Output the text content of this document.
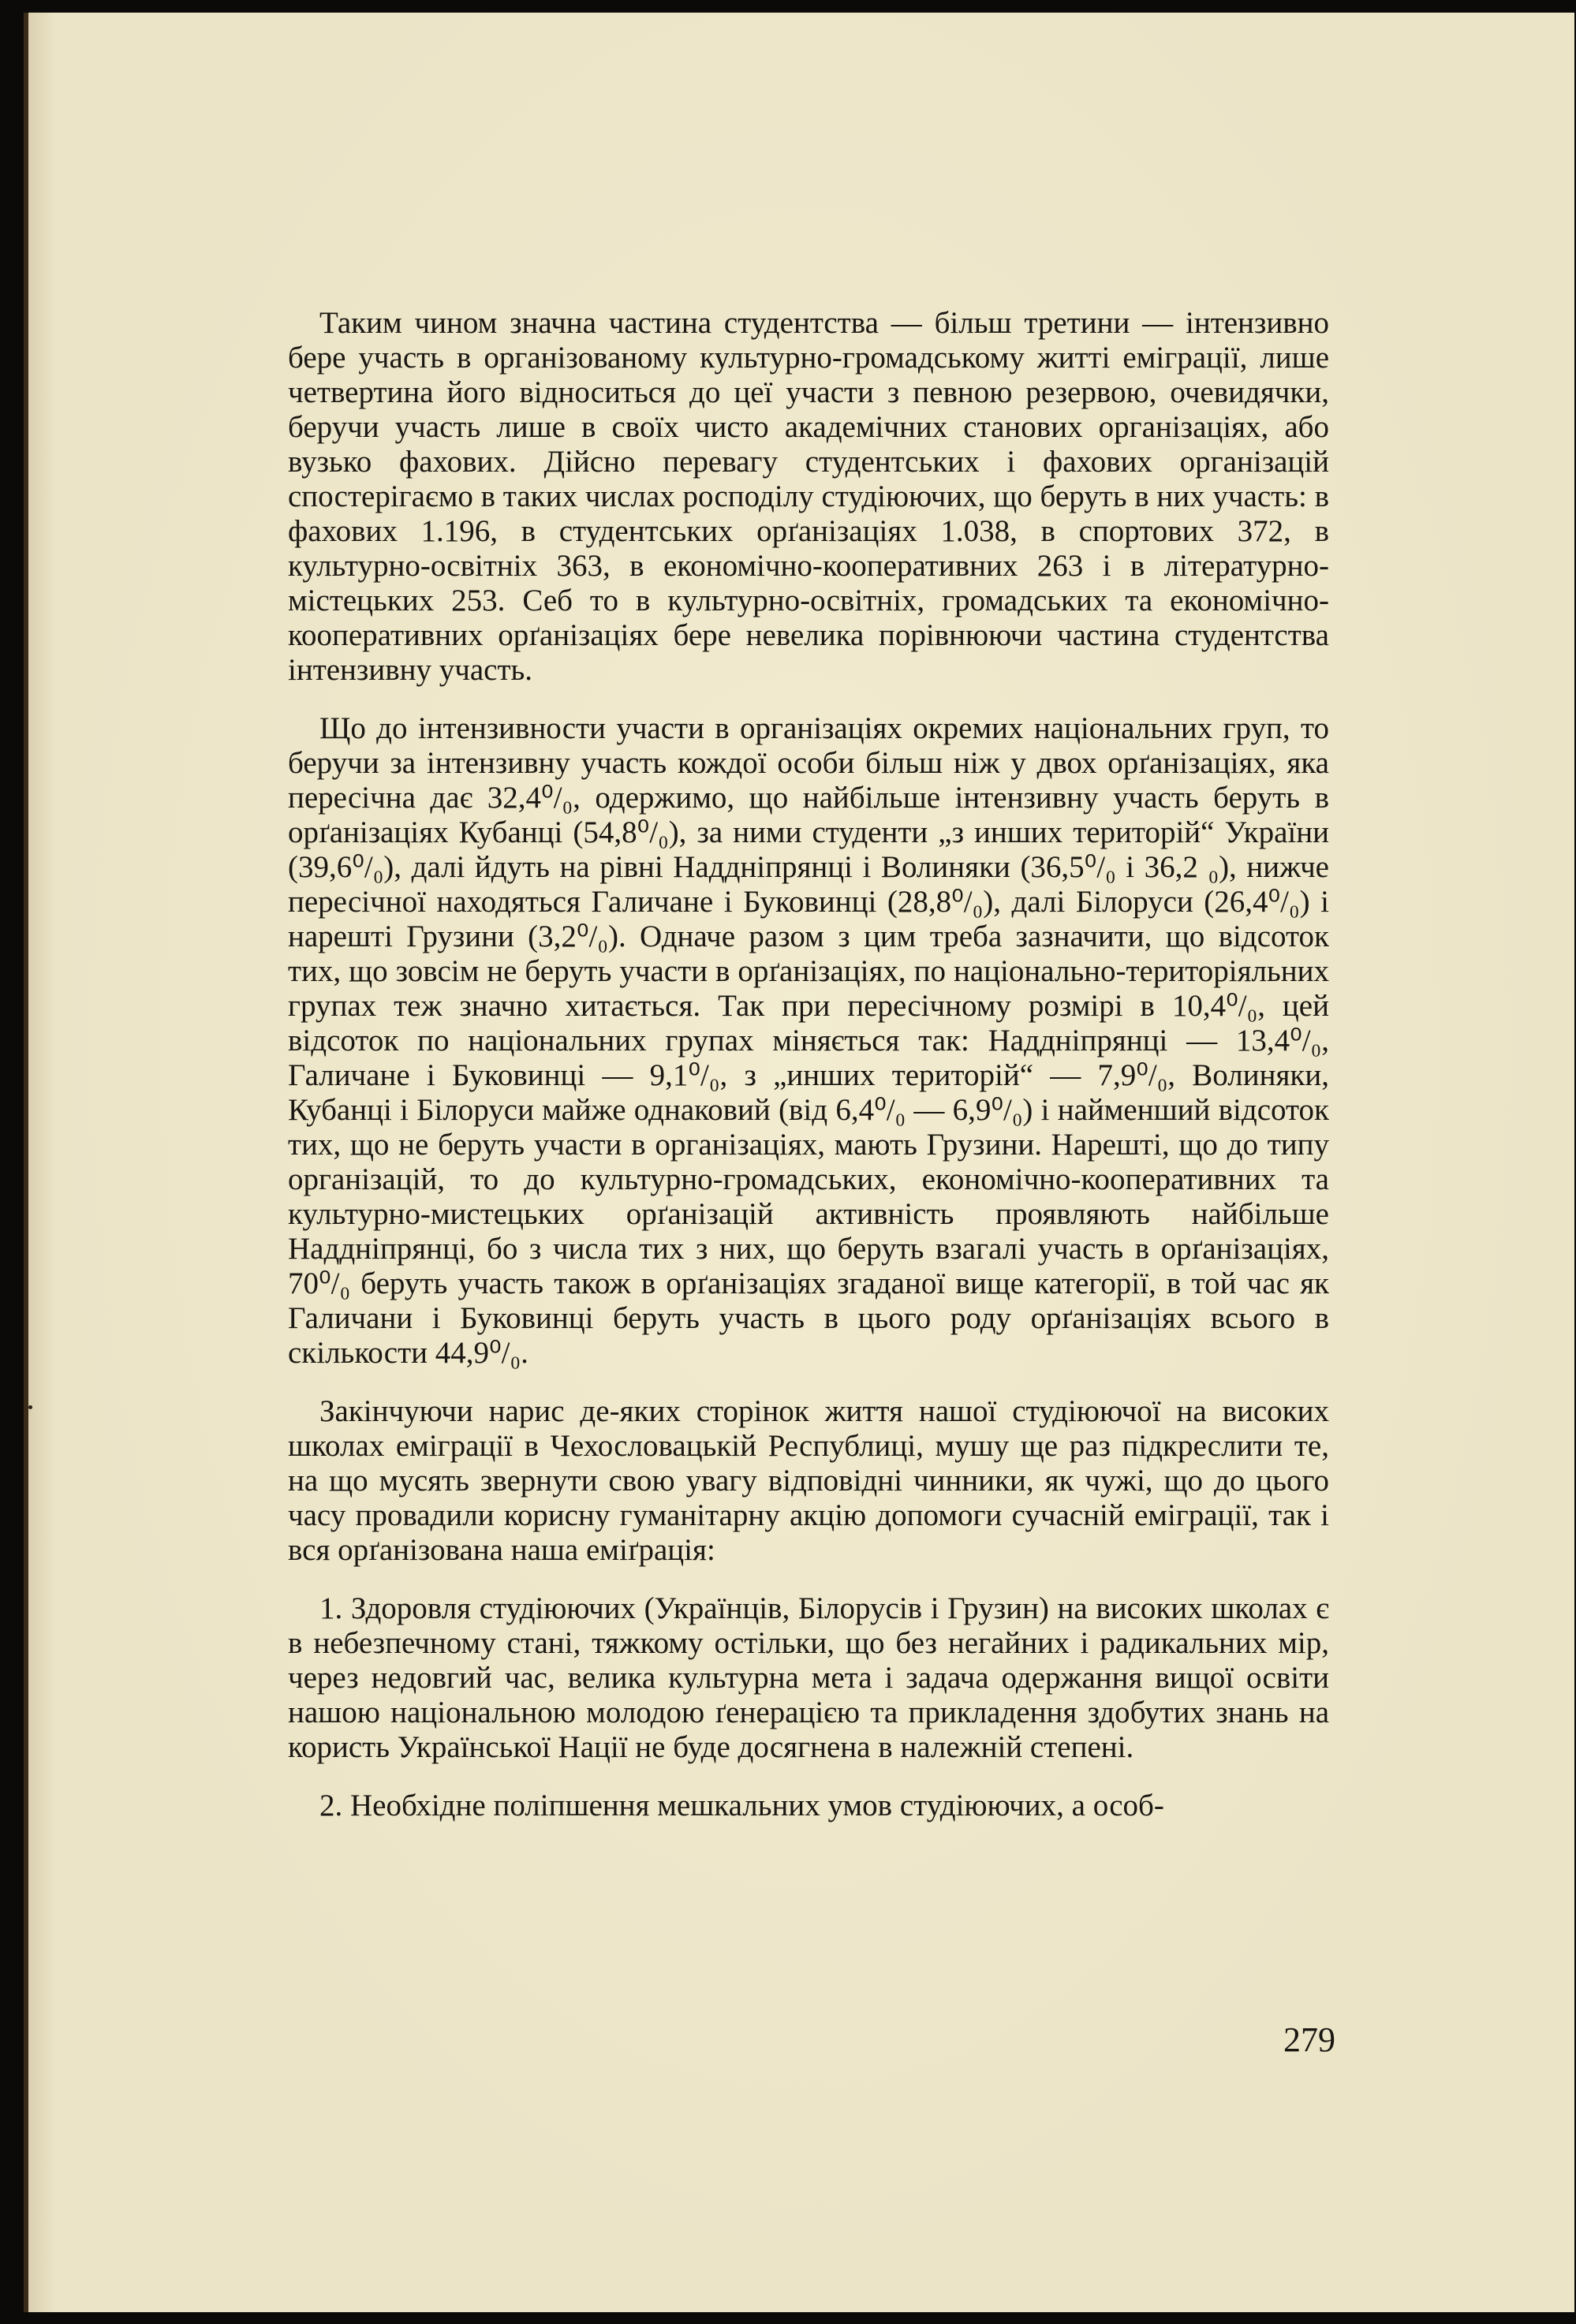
Таким чином значна частина студентства — більш третини — інтензивно бере участь в організованому культурно-громадському житті еміграції, лише четвертина його відноситься до цеї участи з певною резервою, очевидячки, беручи участь лише в своїх чисто академічних станових організаціях, або вузько фахових. Дійсно перевагу студентських і фахових організацій спостерігаємо в таких числах росподілу студіюючих, що беруть в них участь: в фахових 1.196, в студентських орґанізаціях 1.038, в спортових 372, в культурно-освітніх 363, в економічно-кооперативних 263 і в літературно-містецьких 253. Себ то в культурно-освітніх, громадських та економічно-кооперативних орґанізаціях бере невелика порівнюючи частина студентства інтензивну участь.

Що до інтензивности участи в організаціях окремих національних груп, то беручи за інтензивну участь кождої особи більш ніж у двох орґанізаціях, яка пересічна дає 32,4⁰/₀, одержимо, що найбільше інтензивну участь беруть в орґанізаціях Кубанці (54,8⁰/₀), за ними студенти „з инших територій“ України (39,6⁰/₀), далі йдуть на рівні Наддніпрянці і Волиняки (36,5⁰/₀ і 36,2 ₀), нижче пересічної находяться Галичане і Буковинці (28,8⁰/₀), далі Білоруси (26,4⁰/₀) і нарешті Грузини (3,2⁰/₀). Одначе разом з цим треба зазначити, що відсоток тих, що зовсім не беруть участи в орґанізаціях, по національно-територіяльних групах теж значно хитається. Так при пересічному розмірі в 10,4⁰/₀, цей відсоток по національних групах міняється так: Наддніпрянці — 13,4⁰/₀, Галичане і Буковинці — 9,1⁰/₀, з „инших територій“ — 7,9⁰/₀, Волиняки, Кубанці і Білоруси майже однаковий (від 6,4⁰/₀ — 6,9⁰/₀) і найменший відсоток тих, що не беруть участи в організаціях, мають Грузини. Нарешті, що до типу організацій, то до культурно-громадських, економічно-кооперативних та культурно-мистецьких орґанізацій активність проявляють найбільше Наддніпрянці, бо з числа тих з них, що беруть взагалі участь в орґанізаціях, 70⁰/₀ беруть участь також в орґанізаціях згаданої вище категорії, в той час як Галичани і Буковинці беруть участь в цього роду орґанізаціях всього в скількости 44,9⁰/₀.

Закінчуючи нарис де-яких сторінок життя нашої студіюючої на високих школах еміграції в Чехословацькій Республиці, мушу ще раз підкреслити те, на що мусять звернути свою увагу відповідні чинники, як чужі, що до цього часу провадили корисну гуманітарну акцію допомоги сучасній еміграції, так і вся орґанізована наша еміґрація:

1. Здоровля студіюючих (Українців, Білорусів і Грузин) на високих школах є в небезпечному стані, тяжкому остільки, що без негайних і радикальних мір, через недовгий час, велика культурна мета і задача одержання вищої освіти нашою національною молодою ґенерацією та прикладення здобутих знань на користь Української Нації не буде досягнена в належній степені.

2. Необхідне поліпшення мешкальних умов студіюючих, а особ-

279
